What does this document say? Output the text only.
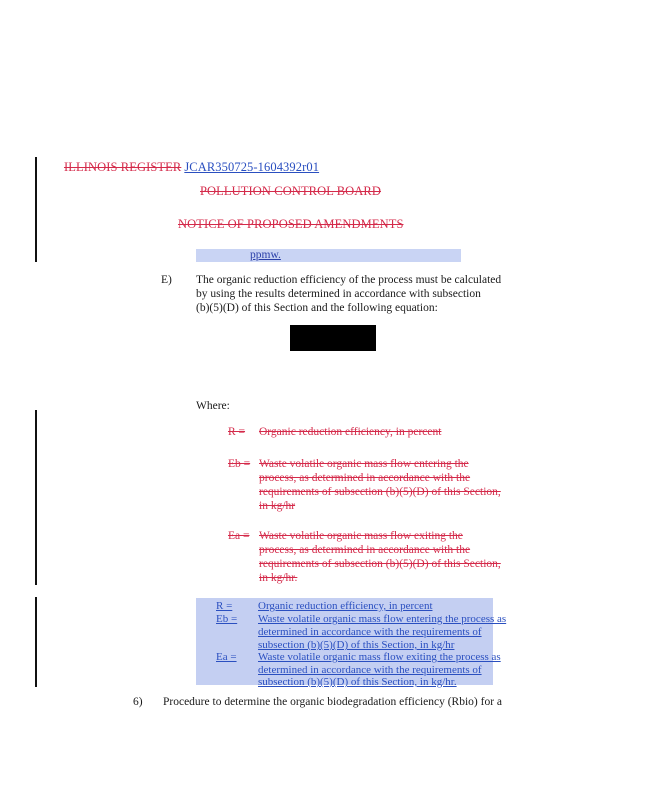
ILLINOIS REGISTER JCAR350725-1604392r01
POLLUTION CONTROL BOARD
NOTICE OF PROPOSED AMENDMENTS
ppmw.
E) The organic reduction efficiency of the process must be calculated
by using the results determined in accordance with subsection
(b)(5)(D) of this Section and the following equation:
Where:
R = Organic reduction efficiency, in percent
Eb = Waste volatile organic mass flow entering the
process, as determined in accordance with the
requirements of subsection (b)(5)(D) of this Section,
in kg/hr
Ea = Waste volatile organic mass flow exiting the
process, as determined in accordance with the
requirements of subsection (b)(5)(D) of this Section,
in kg/hr.
R = Organic reduction efficiency, in percent
Eb = Waste volatile organic mass flow entering the process as
determined in accordance with the requirements of
subsection (b)(5)(D) of this Section, in kg/hr
Ea = Waste volatile organic mass flow exiting the process as
determined in accordance with the requirements of
subsection (b)(5)(D) of this Section, in kg/hr.
6) Procedure to determine the organic biodegradation efficiency (Rbio) for a
